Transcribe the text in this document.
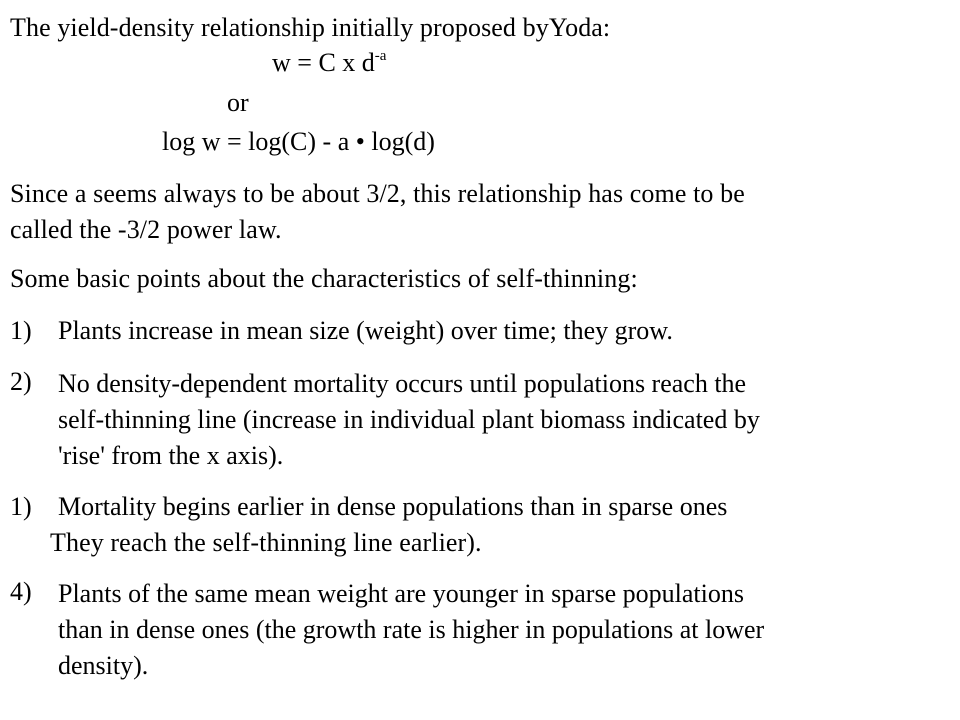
The yield-density relationship initially proposed byYoda:
w = C x $d^{-a}$
or
log w = log(C) - a • log(d)
Since a seems always to be about 3/2, this relationship has come to be
called the -3/2 power law.
Some basic points about the characteristics of self-thinning:
1)	Plants increase in mean size (weight) over time; they grow.
2)	No density-dependent mortality occurs until populations reach the
self-thinning line (increase in individual plant biomass indicated by
'rise' from the x axis).
1)	Mortality begins earlier in dense populations than in sparse ones
They reach the self-thinning line earlier).
4)	Plants of the same mean weight are younger in sparse populations
than in dense ones (the growth rate is higher in populations at lower
density).
